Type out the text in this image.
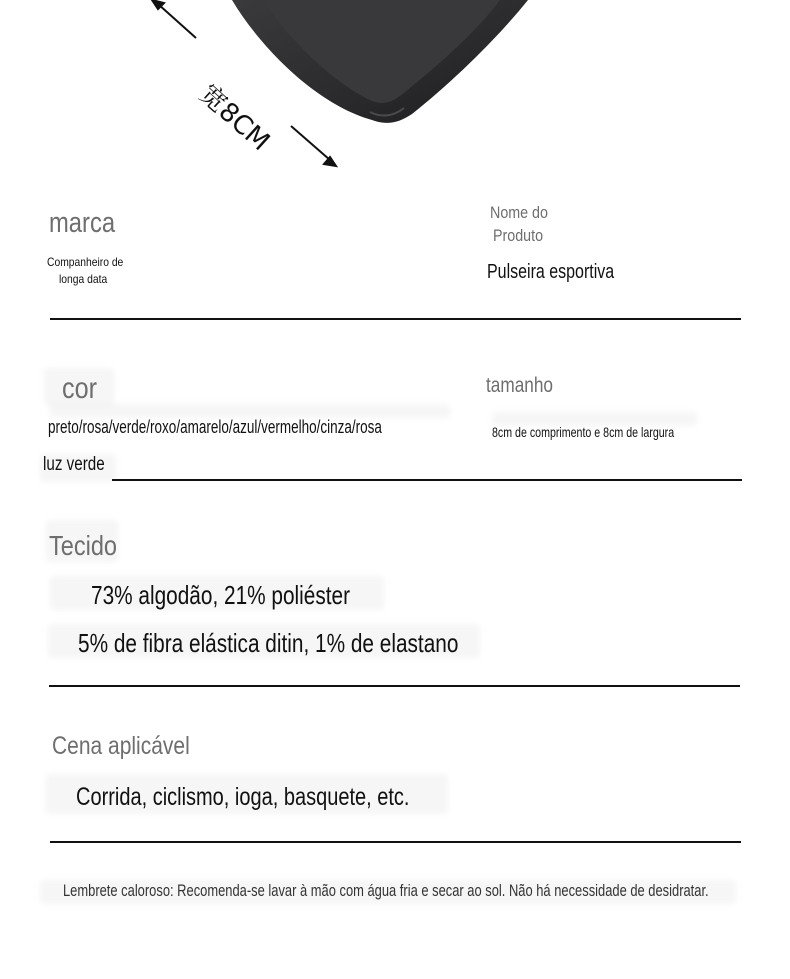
宽8CM
marca
Companheiro de
longa data
Nome do
Produto
Pulseira esportiva
cor
preto/rosa/verde/roxo/amarelo/azul/vermelho/cinza/rosa
luz verde
tamanho
8cm de comprimento e 8cm de largura
Tecido
73% algodão, 21% poliéster
5% de fibra elástica ditin, 1% de elastano
Cena aplicável
Corrida, ciclismo, ioga, basquete, etc.
Lembrete caloroso: Recomenda-se lavar à mão com água fria e secar ao sol. Não há necessidade de desidratar.
